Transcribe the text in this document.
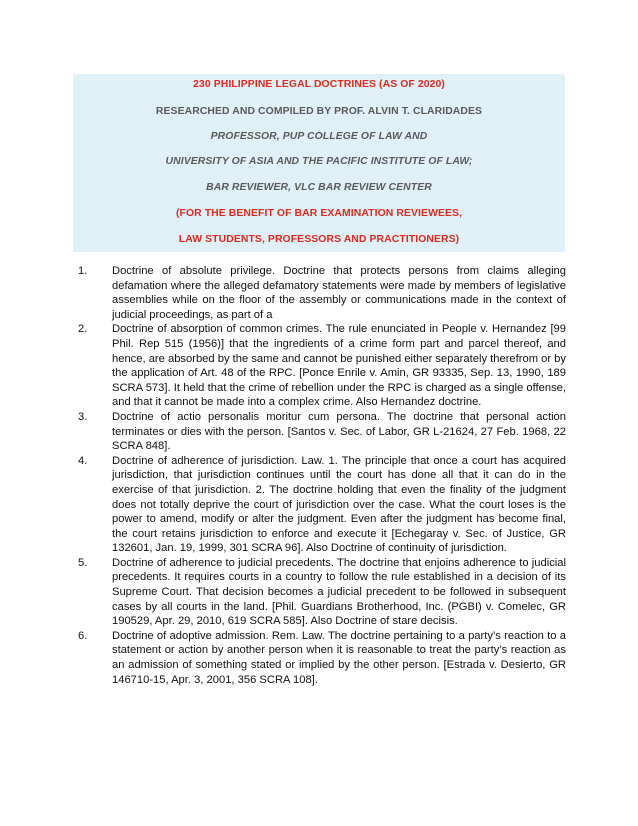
230 PHILIPPINE LEGAL DOCTRINES (AS OF 2020)
RESEARCHED AND COMPILED BY PROF. ALVIN T. CLARIDADES
PROFESSOR, PUP COLLEGE OF LAW AND
UNIVERSITY OF ASIA AND THE PACIFIC INSTITUTE OF LAW;
BAR REVIEWER, VLC BAR REVIEW CENTER
(FOR THE BENEFIT OF BAR EXAMINATION REVIEWEES,
LAW STUDENTS, PROFESSORS AND PRACTITIONERS)
1.	Doctrine of absolute privilege. Doctrine that protects persons from claims alleging defamation where the alleged defamatory statements were made by members of legislative assemblies while on the floor of the assembly or communications made in the context of judicial proceedings, as part of a
2.	Doctrine of absorption of common crimes. The rule enunciated in People v. Hernandez [99 Phil. Rep 515 (1956)] that the ingredients of a crime form part and parcel thereof, and hence, are absorbed by the same and cannot be punished either separately therefrom or by the application of Art. 48 of the RPC. [Ponce Enrile v. Amin, GR 93335, Sep. 13, 1990, 189 SCRA 573]. It held that the crime of rebellion under the RPC is charged as a single offense, and that it cannot be made into a complex crime. Also Hernandez doctrine.
3.	Doctrine of actio personalis moritur cum persona. The doctrine that personal action terminates or dies with the person. [Santos v. Sec. of Labor, GR L-21624, 27 Feb. 1968, 22 SCRA 848].
4.	Doctrine of adherence of jurisdiction. Law. 1. The principle that once a court has acquired jurisdiction, that jurisdiction continues until the court has done all that it can do in the exercise of that jurisdiction. 2. The doctrine holding that even the finality of the judgment does not totally deprive the court of jurisdiction over the case. What the court loses is the power to amend, modify or alter the judgment. Even after the judgment has become final, the court retains jurisdiction to enforce and execute it [Echegaray v. Sec. of Justice, GR 132601, Jan. 19, 1999, 301 SCRA 96]. Also Doctrine of continuity of jurisdiction.
5.	Doctrine of adherence to judicial precedents. The doctrine that enjoins adherence to judicial precedents. It requires courts in a country to follow the rule established in a decision of its Supreme Court. That decision becomes a judicial precedent to be followed in subsequent cases by all courts in the land. [Phil. Guardians Brotherhood, Inc. (PGBI) v. Comelec, GR 190529, Apr. 29, 2010, 619 SCRA 585]. Also Doctrine of stare decisis.
6.	Doctrine of adoptive admission. Rem. Law. The doctrine pertaining to a party’s reaction to a statement or action by another person when it is reasonable to treat the party’s reaction as an admission of something stated or implied by the other person. [Estrada v. Desierto, GR 146710-15, Apr. 3, 2001, 356 SCRA 108].
